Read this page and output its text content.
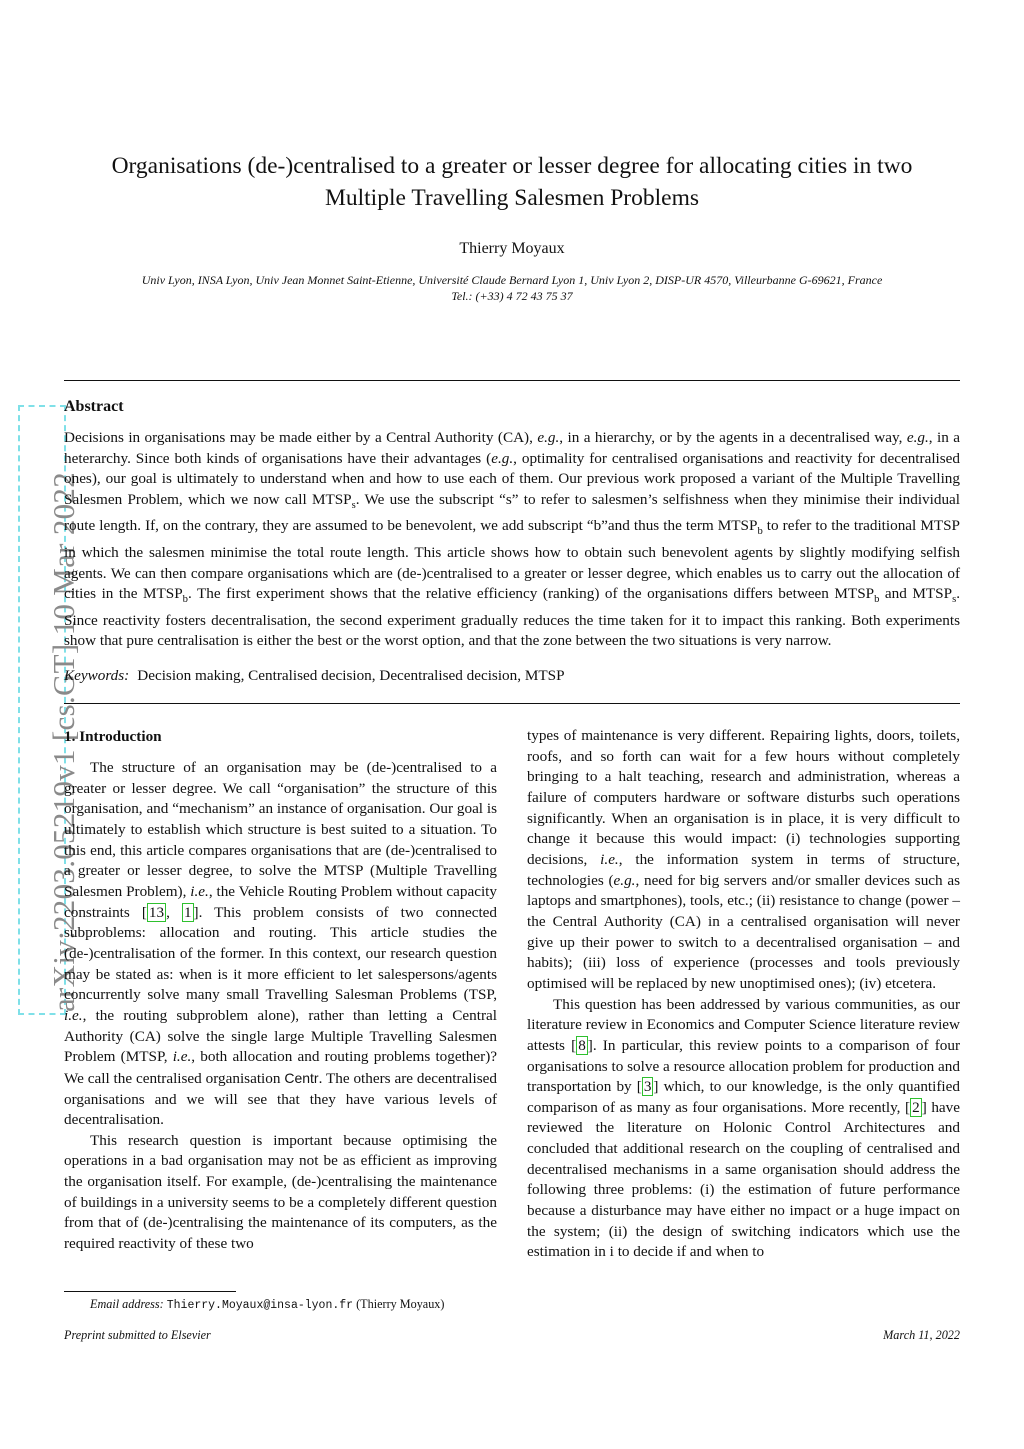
arXiv:2203.05219v1 [cs.GT] 10 Mar 2022
Organisations (de-)centralised to a greater or lesser degree for allocating cities in two Multiple Travelling Salesmen Problems
Thierry Moyaux
Univ Lyon, INSA Lyon, Univ Jean Monnet Saint-Etienne, Université Claude Bernard Lyon 1, Univ Lyon 2, DISP-UR 4570, Villeurbanne G-69621, France
Tel.: (+33) 4 72 43 75 37
Abstract
Decisions in organisations may be made either by a Central Authority (CA), e.g., in a hierarchy, or by the agents in a decentralised way, e.g., in a heterarchy. Since both kinds of organisations have their advantages (e.g., optimality for centralised organisations and reactivity for decentralised ones), our goal is ultimately to understand when and how to use each of them. Our previous work proposed a variant of the Multiple Travelling Salesmen Problem, which we now call $MTSP_s$. We use the subscript “s” to refer to salesmen’s selfishness when they minimise their individual route length. If, on the contrary, they are assumed to be benevolent, we add subscript “b”and thus the term $MTSP_b$ to refer to the traditional MTSP in which the salesmen minimise the total route length. This article shows how to obtain such benevolent agents by slightly modifying selfish agents. We can then compare organisations which are (de-)centralised to a greater or lesser degree, which enables us to carry out the allocation of cities in the $MTSP_b$. The first experiment shows that the relative efficiency (ranking) of the organisations differs between $MTSP_b$ and $MTSP_s$. Since reactivity fosters decentralisation, the second experiment gradually reduces the time taken for it to impact this ranking. Both experiments show that pure centralisation is either the best or the worst option, and that the zone between the two situations is very narrow.
Keywords: Decision making, Centralised decision, Decentralised decision, MTSP
1. Introduction

The structure of an organisation may be (de-)centralised to a greater or lesser degree. We call “organisation” the structure of this organisation, and “mechanism” an instance of organisation. Our goal is ultimately to establish which structure is best suited to a situation. To this end, this article compares organisations that are (de-)centralised to a greater or lesser degree, to solve the MTSP (Multiple Travelling Salesmen Problem), i.e., the Vehicle Routing Problem without capacity constraints [ 13 , 1 ]. This problem consists of two connected subproblems: allocation and routing. This article studies the (de-)centralisation of the former. In this context, our research question may be stated as: when is it more efficient to let salespersons/agents concurrently solve many small Travelling Salesman Problems (TSP, i.e., the routing subproblem alone), rather than letting a Central Authority (CA) solve the single large Multiple Travelling Salesmen Problem (MTSP, i.e., both allocation and routing problems together)? We call the centralised organisation Centr. The others are decentralised organisations and we will see that they have various levels of decentralisation.

This research question is important because optimising the operations in a bad organisation may not be as efficient as improving the organisation itself. For example, (de-)centralising the maintenance of buildings in a university seems to be a completely different question from that of (de-)centralising the maintenance of its computers, as the required reactivity of these two

types of maintenance is very different. Repairing lights, doors, toilets, roofs, and so forth can wait for a few hours without completely bringing to a halt teaching, research and administration, whereas a failure of computers hardware or software disturbs such operations significantly. When an organisation is in place, it is very difficult to change it because this would impact: (i) technologies supporting decisions, i.e., the information system in terms of structure, technologies (e.g., need for big servers and/or smaller devices such as laptops and smartphones), tools, etc.; (ii) resistance to change (power – the Central Authority (CA) in a centralised organisation will never give up their power to switch to a decentralised organisation – and habits); (iii) loss of experience (processes and tools previously optimised will be replaced by new unoptimised ones); (iv) etcetera.

This question has been addressed by various communities, as our literature review in Economics and Computer Science literature review attests [ 8 ]. In particular, this review points to a comparison of four organisations to solve a resource allocation problem for production and transportation by [ 3 ] which, to our knowledge, is the only quantified comparison of as many as four organisations. More recently, [ 2 ] have reviewed the literature on Holonic Control Architectures and concluded that additional research on the coupling of centralised and decentralised mechanisms in a same organisation should address the following three problems: (i) the estimation of future performance because a disturbance may have either no impact or a huge impact on the system; (ii) the design of switching indicators which use the estimation in i to decide if and when to

Email address: Thierry.Moyaux@insa-lyon.fr (Thierry Moyaux)
Preprint submitted to Elsevier	March 11, 2022
